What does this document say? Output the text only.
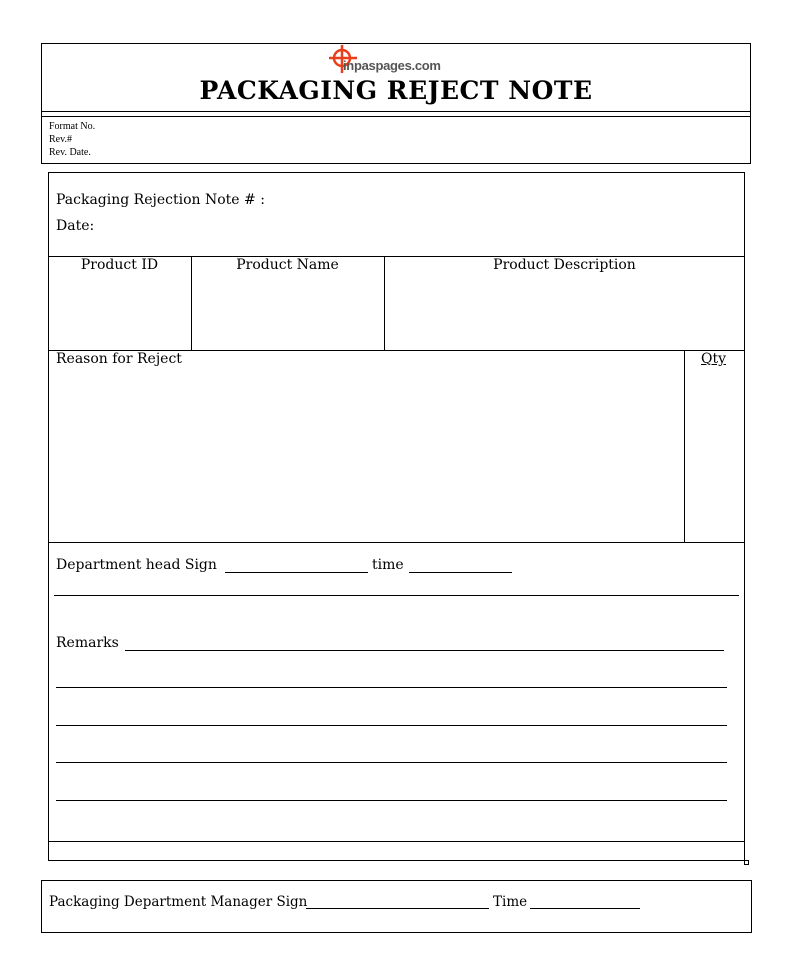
inpaspages.com
PACKAGING REJECT NOTE
Format No.
Rev.#
Rev. Date.
Packaging Rejection Note # :
Date:
Product ID	Product Name	Product Description
Reason for Reject	Qty
Department head Sign	time
Remarks
Packaging Department Manager Sign	Time
